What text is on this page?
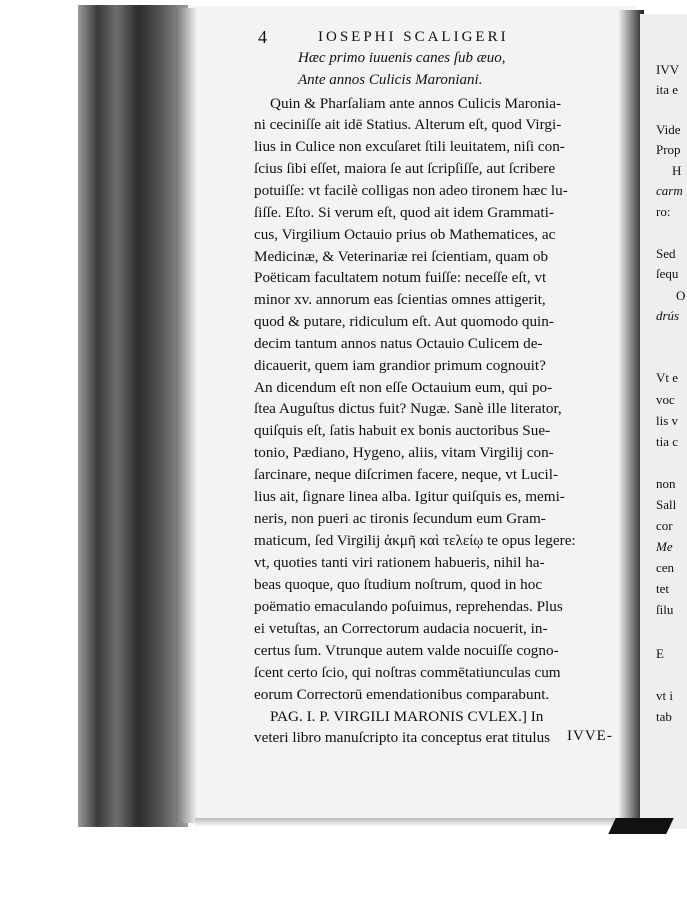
4	IOSEPHI SCALIGERI
Hæc primo iuuenis canes ſub æuo,
Ante annos Culicis Maroniani.
Quin & Pharſaliam ante annos Culicis Maronia-
ni ceciniſſe ait idē Statius. Alterum eſt, quod Virgi-
lius in Culice non excuſaret ſtili leuitatem, niſi con-
ſcius ſibi eſſet, maiora ſe aut ſcripſiſſe, aut ſcribere
potuiſſe: vt facilè colligas non adeo tironem hæc lu-
ſiſſe. Eſto. Si verum eſt, quod ait idem Grammati-
cus, Virgilium Octauio prius ob Mathematices, ac
Medicinæ, & Veterinariæ rei ſcientiam, quam ob
Poëticam facultatem notum fuiſſe: neceſſe eſt, vt
minor xv. annorum eas ſcientias omnes attigerit,
quod & putare, ridiculum eſt. Aut quomodo quin-
decim tantum annos natus Octauio Culicem de-
dicauerit, quem iam grandior primum cognouit?
An dicendum eſt non eſſe Octauium eum, qui po-
ſtea Auguſtus dictus fuit? Nugæ. Sanè ille literator,
quiſquis eſt, ſatis habuit ex bonis auctoribus Sue-
tonio, Pædiano, Hygeno, aliis, vitam Virgilij con-
ſarcinare, neque diſcrimen facere, neque, vt Lucil-
lius ait, ſignare linea alba. Igitur quiſquis es, memi-
neris, non pueri ac tironis ſecundum eum Gram-
maticum, ſed Virgilij ἀκμῆ καὶ τελείῳ te opus legere:
vt, quoties tanti viri rationem habueris, nihil ha-
beas quoque, quo ſtudium noſtrum, quod in hoc
poëmatio emaculando poſuimus, reprehendas. Plus
ei vetuſtas, an Correctorum audacia nocuerit, in-
certus ſum. Vtrunque autem valde nocuiſſe cogno-
ſcent certo ſcio, qui noſtras commētatiunculas cum
eorum Correctorū emendationibus comparabunt.
PAG. I. P. VIRGILI MARONIS CVLEX.] In
veteri libro manuſcripto ita conceptus erat titulus IVVE-
IVV
ita e
Vide
Prop
H
carm
ro:
Sed
ſequ
O
drús
Vt e
voc
lis v
tia c
non
Sall
cor
Me
cen
tet
ſilu
E
vt i
tab
